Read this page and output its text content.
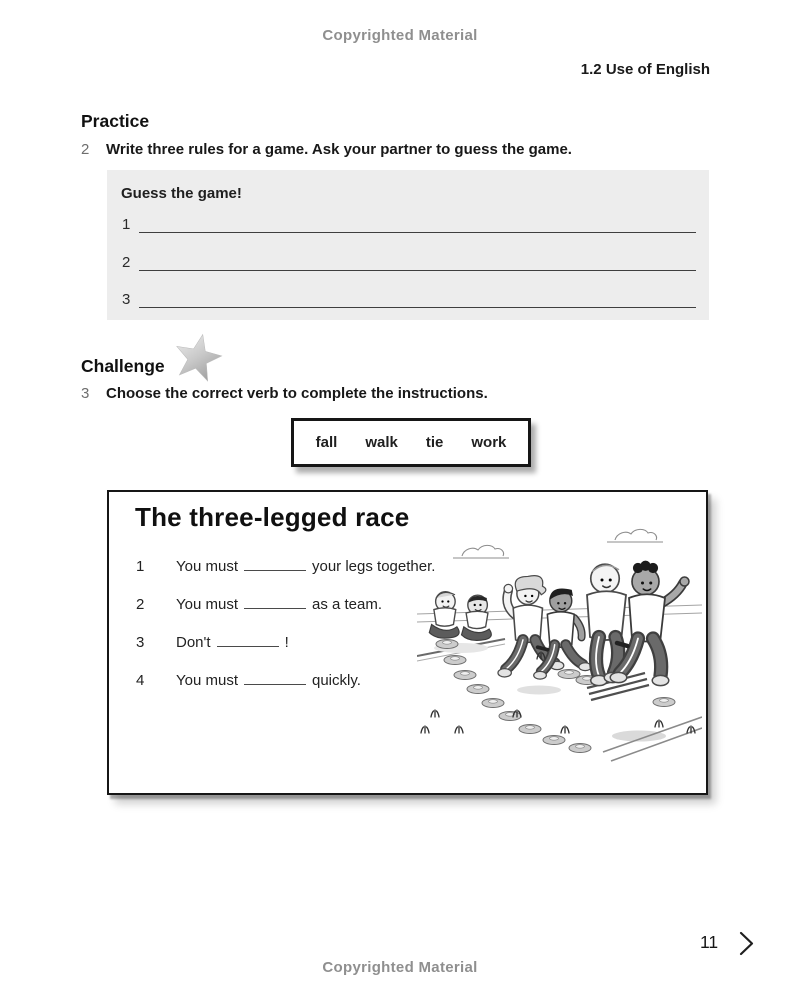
Copyrighted Material
1.2 Use of English
Practice
2 Write three rules for a game. Ask your partner to guess the game.
Guess the game!
1
2
3
Challenge
3 Choose the correct verb to complete the instructions.
fall walk tie work
The three-legged race
1	You must	your legs together.
2	You must	as a team.
3	Don't	!
4	You must	quickly.
11
Copyrighted Material
